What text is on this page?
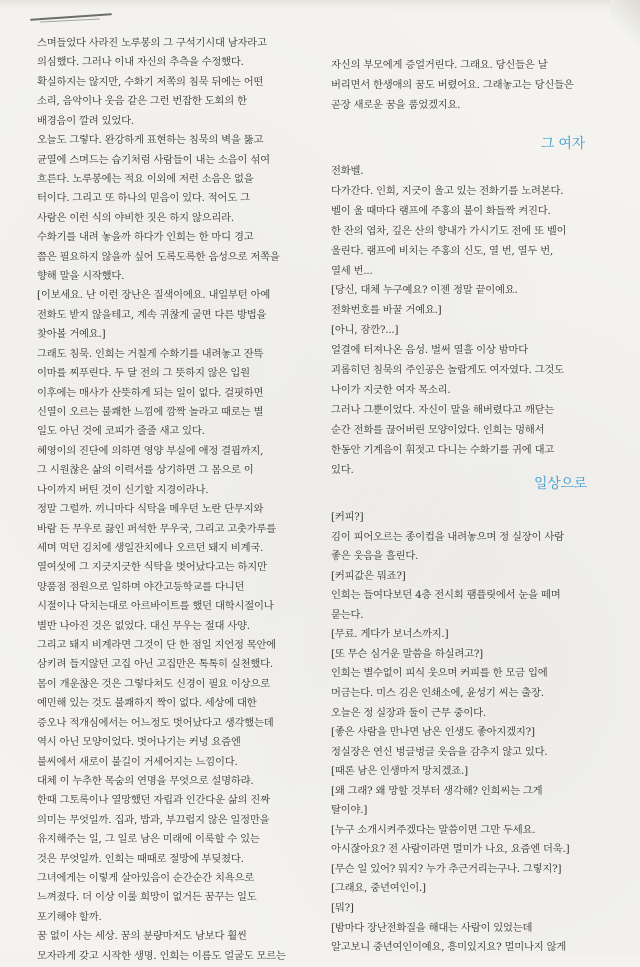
스며들었다 사라진 노루봉의 그 구석기시대 남자라고
의심했다. 그러나 이내 자신의 추측을 수정했다.
확실하지는 않지만, 수화기 저쪽의 침묵 뒤에는 어떤
소리, 음악이나 웃음 같은 그런 번잡한 도회의 한
배경음이 깔려 있었다.
오늘도 그렇다. 완강하게 표현하는 침묵의 벽을 뚫고
균열에 스며드는 습기처럼 사람들이 내는 소음이 섞여
흐른다. 노루봉에는 적요 이외에 저런 소음은 없을
터이다. 그리고 또 하나의 믿음이 있다. 적어도 그
사람은 이런 식의 야비한 짓은 하지 않으리라.
수화기를 내려 놓을까 하다가 인희는 한 마디 경고
쯤은 필요하지 않을까 싶어 도록도록한 음성으로 저쪽을
향해 말을 시작했다.
[이보세요. 난 이런 장난은 질색이에요. 내일부턴 아예
전화도 받지 않을테고, 계속 귀찮게 굴면 다른 방법을
찾아볼 거예요.]
그래도 침묵. 인희는 거칠게 수화기를 내려놓고 잔뜩
이마를 찌푸린다. 두 달 전의 그 뜻하지 않은 입원
이후에는 매사가 산뜻하게 되는 일이 없다. 걸핏하면
신열이 오르는 불쾌한 느낌에 깜짝 놀라고 때로는 별
일도 아닌 것에 코피가 줄줄 새고 있다.
혜영이의 진단에 의하면 영양 부실에 애정 결핍까지,
그 시원찮은 삶의 이력서를 상기하면 그 몸으로 이
나이까지 버틴 것이 신기할 지경이라나.
정말 그럴까. 끼니마다 식탁을 메우던 노란 단무지와
바람 든 무우로 끓인 퍼석한 무우국, 그리고 고춧가루를
세며 먹던 김치에 생일잔치에나 오르던 돼지 비계국.
열여섯에 그 지긋지긋한 식탁을 벗어났다고는 하지만
양품점 점원으로 일하며 야간고등학교를 다니던
시절이나 닥치는대로 아르바이트를 했던 대학시절이나
별반 나아진 것은 없었다. 대신 무우는 절대 사양.
그리고 돼지 비계라면 그것이 단 한 점일 지언정 목안에
삼키려 들지않던 고집 아닌 고집만은 톡톡히 실천했다.
몸이 개운찮은 것은 그렇다쳐도 신경이 필요 이상으로
예민해 있는 것도 불쾌하지 짝이 없다. 세상에 대한
증오나 적개심에서는 어느정도 벗어났다고 생각했는데
역시 아닌 모양이었다. 벗어나기는 커녕 요즘엔
불씨에서 새로이 불길이 거세어지는 느낌이다.
대체 이 누추한 목숨의 연명을 무엇으로 설명하랴.
한때 그토록이나 열망했던 자립과 인간다운 삶의 진짜
의미는 무엇일까. 집과, 밥과, 부끄럽지 않은 일정만을
유지해주는 일, 그 일로 남은 미래에 이룩할 수 있는
것은 무엇일까. 인희는 때때로 절망에 부딪쳤다.
그녀에게는 이렇게 살아있음이 순간순간 치욕으로
느껴졌다. 더 이상 이룰 희망이 없거든 꿈꾸는 일도
포기해야 할까.
꿈 없이 사는 세상. 꿈의 분량마저도 남보다 훨씬
모자라게 갖고 시작한 생명. 인희는 이름도 얼굴도 모르는
자신의 부모에게 증얼거린다. 그래요. 당신들은 날
버리면서 한생애의 꿈도 버렸어요. 그래놓고는 당신들은
곧장 새로운 꿈을 품었겠지요.
전화벨.
다가간다. 인희, 지긋이 울고 있는 전화기를 노려본다.
벨이 울 때마다 램프에 주홍의 불이 화들짝 켜진다.
한 잔의 엽차, 깊은 산의 향내가 가시기도 전에 또 벨이
울린다. 램프에 비치는 주홍의 신도, 열 번, 열두 번,
열세 번...
[당신, 대체 누구예요? 이젠 정말 끝이예요.
전화번호를 바꿀 거예요.]
[아니, 잠깐?...]
얼결에 터져나온 음성. 벌써 열흘 이상 밤마다
괴롭히던 침묵의 주인공은 놀랍게도 여자였다. 그것도
나이가 지긋한 여자 목소리.
그러나 그뿐이었다. 자신이 말을 해버렸다고 깨닫는
순간 전화를 끊어버린 모양이었다. 인희는 멍해서
한동안 기계음이 휘젓고 다니는 수화기를 귀에 대고
있다.
[커피?]
김이 피어오르는 종이컵을 내려놓으며 정 실장이 사람
좋은 웃음을 흘린다.
[커피값은 뭐죠?]
인희는 들여다보던 4층 전시회 팸플릿에서 눈을 떼며
묻는다.
[무료. 게다가 보너스까지.]
[또 무슨 심거운 말씀을 하실려고?]
인희는 별수없이 피식 웃으며 커피를 한 모금 입에
머금는다. 미스 김은 인쇄소에, 윤성기 씨는 출장.
오늘은 정 실장과 둘이 근무 중이다.
[좋은 사람을 만나면 남은 인생도 좋아지겠지?]
정실장은 연신 벙글벙글 웃음을 감추지 않고 있다.
[때론 남은 인생마저 망치겠죠.]
[왜 그래? 왜 망할 것부터 생각해? 인희씨는 그게
탈이야.]
[누구 소개시켜주겠다는 말씀이면 그만 두세요.
아시잖아요? 전 사람이라면 멀미가 나요, 요즘엔 더욱.]
[무슨 일 있어? 뭐지? 누가 추근거리는구나. 그렇지?]
[그래요, 중년여인이.]
[뭐?]
[밤마다 장난전화질을 해대는 사람이 있었는데
알고보니 중년여인이예요, 흥미있지요? 멀미나지 않게
그 여자
일상으로
